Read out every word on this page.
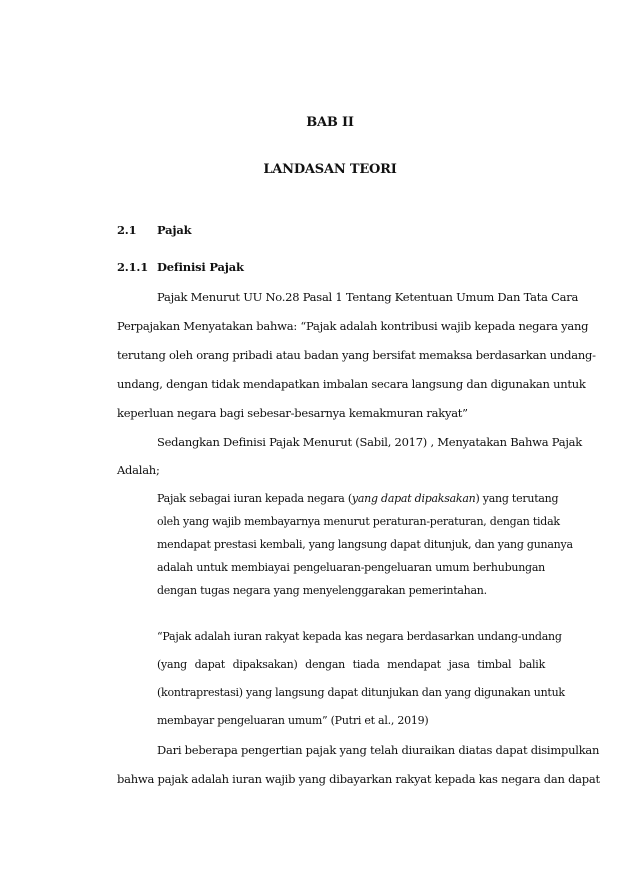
BAB II
LANDASAN TEORI
2.1 Pajak
2.1.1 Definisi Pajak
Pajak Menurut UU No.28 Pasal 1 Tentang Ketentuan Umum Dan Tata Cara
Perpajakan Menyatakan bahwa: “Pajak adalah kontribusi wajib kepada negara yang
terutang oleh orang pribadi atau badan yang bersifat memaksa berdasarkan undang-
undang, dengan tidak mendapatkan imbalan secara langsung dan digunakan untuk
keperluan negara bagi sebesar-besarnya kemakmuran rakyat”
Sedangkan Definisi Pajak Menurut (Sabil, 2017) , Menyatakan Bahwa Pajak
Adalah;
Pajak sebagai iuran kepada negara (yang dapat dipaksakan) yang terutang
oleh yang wajib membayarnya menurut peraturan-peraturan, dengan tidak
mendapat prestasi kembali, yang langsung dapat ditunjuk, dan yang gunanya
adalah untuk membiayai pengeluaran-pengeluaran umum berhubungan
dengan tugas negara yang menyelenggarakan pemerintahan.
“Pajak adalah iuran rakyat kepada kas negara berdasarkan undang-undang
(yang dapat dipaksakan) dengan tiada mendapat jasa timbal balik
(kontraprestasi) yang langsung dapat ditunjukan dan yang digunakan untuk
membayar pengeluaran umum” (Putri et al., 2019)
Dari beberapa pengertian pajak yang telah diuraikan diatas dapat disimpulkan
bahwa pajak adalah iuran wajib yang dibayarkan rakyat kepada kas negara dan dapat
